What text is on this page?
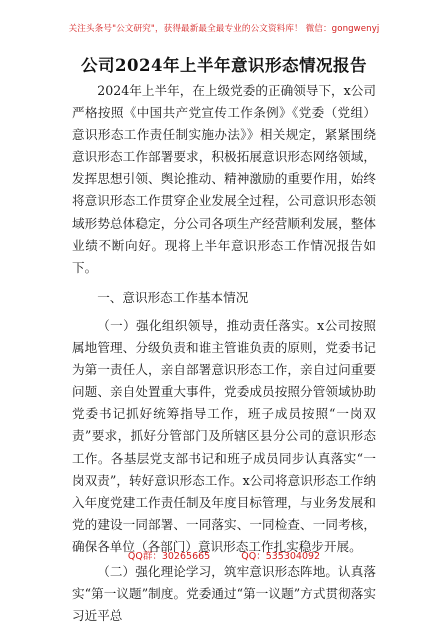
关注头条号"公文研究"，获得最新最全最专业的公文资料库！ 微信：gongwenyj
公司2024年上半年意识形态情况报告

2024年上半年，在上级党委的正确领导下，x公司严格按照《中国共产党宣传工作条例》《党委（党组）意识形态工作责任制实施办法》》相关规定，紧紧围绕意识形态工作部署要求，积极拓展意识形态网络领域，发挥思想引领、舆论推动、精神激励的重要作用，始终将意识形态工作贯穿企业发展全过程，公司意识形态领域形势总体稳定，分公司各项生产经营顺利发展，整体业绩不断向好。现将上半年意识形态工作情况报告如下。

一、意识形态工作基本情况

（一）强化组织领导，推动责任落实。x公司按照属地管理、分级负责和谁主管谁负责的原则，党委书记为第一责任人，亲自部署意识形态工作，亲自过问重要问题、亲自处置重大事件，党委成员按照分管领域协助党委书记抓好统筹指导工作，班子成员按照“一岗双责”要求，抓好分管部门及所辖区县分公司的意识形态工作。各基层党支部书记和班子成员同步认真落实“一岗双责”，转好意识形态工作。x公司将意识形态工作纳入年度党建工作责任制及年度目标管理，与业务发展和党的建设一同部署、一同落实、一同检查、一同考核，确保各单位（各部门）意识形态工作扎实稳步开展。

（二）强化理论学习，筑牢意识形态阵地。认真落实“第一议题”制度。党委通过“第一议题”方式贯彻落实习近平总

QQ群：30265665	QQ：535304092
